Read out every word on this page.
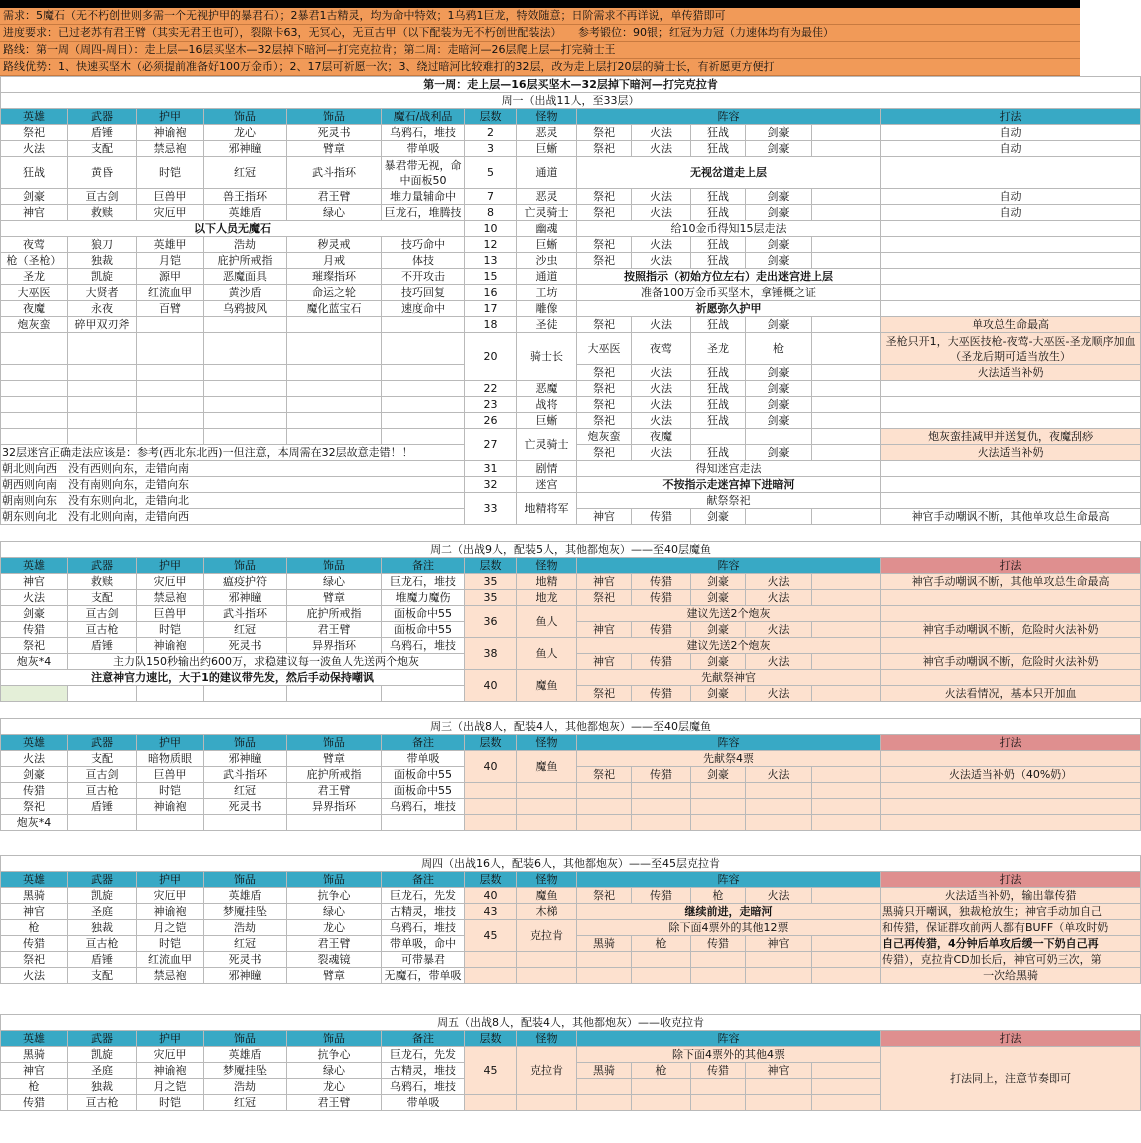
需求：5魔石（无不朽创世则多需一个无视护甲的暴君石）；2暴君1古精灵，均为命中特效；1乌鸦1巨龙，特效随意；日阶需求不再详说，单传猎即可
进度要求：已过老苏有君王臂（其实无君王也可），裂隙卡63，无冥心，无亘古甲（以下配装为无不朽创世配装法）　　参考锻位：90银；红冠为力冠（力速体均有为最佳）
路线：第一周（周四-周日）：走上层—16层买坚木—32层掉下暗河—打完克拉肯；第二周：走暗河—26层爬上层—打完骑士王
路线优势：1、快速买坚木（必须提前准备好100万金币）；2、17层可祈愿一次；3、绕过暗河比较难打的32层，改为走上层打20层的骑士长，有祈愿更方便打
第一周：走上层—16层买坚木—32层掉下暗河—打完克拉肯													
周一（出战11人，至33层）													
英雄	武器	护甲	饰品	饰品	魔石/战利品	层数	怪物	阵容					打法
祭祀	盾锤	神谕袍	龙心	死灵书	乌鸦石，堆技	2	恶灵	祭祀	火法	狂战	剑豪		自动
火法	支配	禁忌袍	邪神瞳	臂章	带单吸	3	巨蜥	祭祀	火法	狂战	剑豪		自动
狂战	黄昏	时铠	红冠	武斗指环	暴君带无视，命中面板50	5	通道	无视岔道走上层					
剑豪	亘古剑	巨兽甲	兽王指环	君王臂	堆力量辅命中	7	恶灵	祭祀	火法	狂战	剑豪		自动
神官	救赎	灾厄甲	英雄盾	绿心	巨龙石，堆腾技	8	亡灵骑士	祭祀	火法	狂战	剑豪		自动
以下人员无魔石						10	幽魂	给10金币得知15层走法					
夜莺	狼刀	英雄甲	浩劫	秽灵戒	技巧命中	12	巨蜥	祭祀	火法	狂战	剑豪		
枪（圣枪）	独裁	月铠	庇护所戒指	月戒	体技	13	沙虫	祭祀	火法	狂战	剑豪		
圣龙	凯旋	源甲	恶魔面具	璀璨指环	不开攻击	15	通道	按照指示（初始方位左右）走出迷宫进上层					
大巫医	大贤者	红流血甲	黄沙盾	命运之轮	技巧回复	16	工坊	准备100万金币买坚木，拿锤概之证					
夜魔	永夜	百臂	乌鸦披风	魔化蓝宝石	速度命中	17	雕像	祈愿弥久护甲					
炮灰蛮	碎甲双刃斧					18	圣徒	祭祀	火法	狂战	剑豪		单攻总生命最高
						20	骑士长	大巫医	夜莺	圣龙	枪		圣枪只开1，大巫医技枪-夜莺-大巫医-圣龙顺序加血（圣龙后期可适当放生）
								祭祀	火法	狂战	剑豪		火法适当补奶
						22	恶魔	祭祀	火法	狂战	剑豪		
						23	战将	祭祀	火法	狂战	剑豪		
						26	巨蜥	祭祀	火法	狂战	剑豪		
						27	亡灵骑士	炮灰蛮	夜魔				炮灰蛮挂减甲并送复仇，夜魔刮痧
32层迷宫正确走法应该是：参考(西北东北西)一但注意，本周需在32层故意走错！！								祭祀	火法	狂战	剑豪		火法适当补奶
朝北则向西　没有西则向东，走错向南						31	剧情	得知迷宫走法					
朝西则向南　没有南则向东，走错向东						32	迷宫	不按指示走迷宫掉下进暗河					
朝南则向东　没有东则向北，走错向北						33	地精将军	献祭祭祀					
朝东则向北　没有北则向南，走错向西								神官	传猎	剑豪			神官手动嘲讽不断，其他单攻总生命最高

周二（出战9人，配装5人，其他都炮灰）——至40层魔鱼													
英雄	武器	护甲	饰品	饰品	备注	层数	怪物	阵容					打法
神官	救赎	灾厄甲	瘟疫护符	绿心	巨龙石，堆技	35	地精	神官	传猎	剑豪	火法		神官手动嘲讽不断，其他单攻总生命最高
火法	支配	禁忌袍	邪神瞳	臂章	堆魔力魔伤	35	地龙	祭祀	传猎	剑豪	火法		
剑豪	亘古剑	巨兽甲	武斗指环	庇护所戒指	面板命中55	36	鱼人	建议先送2个炮灰					
传猎	亘古枪	时铠	红冠	君王臂	面板命中55			神官	传猎	剑豪	火法		神官手动嘲讽不断，危险时火法补奶
祭祀	盾锤	神谕袍	死灵书	异界指环	乌鸦石，堆技	38	鱼人	建议先送2个炮灰					
炮灰*4	主力队150秒输出约600万，求稳建议每一波鱼人先送两个炮灰							神官	传猎	剑豪	火法		神官手动嘲讽不断，危险时火法补奶
注意神官力速比，大于1的建议带先发，然后手动保持嘲讽						40	魔鱼	先献祭神官					
								祭祀	传猎	剑豪	火法		火法看情况，基本只开加血

周三（出战8人，配装4人，其他都炮灰）——至40层魔鱼													
英雄	武器	护甲	饰品	饰品	备注	层数	怪物	阵容					打法
火法	支配	暗物质眼	邪神瞳	臂章	带单吸	40	魔鱼	先献祭4票					
剑豪	亘古剑	巨兽甲	武斗指环	庇护所戒指	面板命中55			祭祀	传猎	剑豪	火法		火法适当补奶（40%奶）
传猎	亘古枪	时铠	红冠	君王臂	面板命中55								
祭祀	盾锤	神谕袍	死灵书	异界指环	乌鸦石，堆技								
炮灰*4													

周四（出战16人，配装6人，其他都炮灰）——至45层克拉肯													
英雄	武器	护甲	饰品	饰品	备注	层数	怪物	阵容					打法
黑骑	凯旋	灾厄甲	英雄盾	抗争心	巨龙石，先发	40	魔鱼	祭祀	传猎	枪	火法		火法适当补奶，输出靠传猎
神官	圣庭	神谕袍	梦魇挂坠	绿心	古精灵，堆技	43	木梯	继续前进，走暗河					黑骑只开嘲讽，独裁枪放生；神官手动加自己
枪	独裁	月之铠	浩劫	龙心	乌鸦石，堆技	45	克拉肯	除下面4票外的其他12票					和传猎，保证群攻前两人都有BUFF（单攻时奶
传猎	亘古枪	时铠	红冠	君王臂	带单吸，命中			黑骑	枪	传猎	神官		自己再传猎，4分钟后单攻后缓一下奶自己再
祭祀	盾锤	红流血甲	死灵书	裂魂镜	可带暴君								传猎），克拉肯CD加长后，神官可奶三次，第
火法	支配	禁忌袍	邪神瞳	臂章	无魔石，带单吸								一次给黑骑

周五（出战8人，配装4人，其他都炮灰）——收克拉肯													
英雄	武器	护甲	饰品	饰品	备注	层数	怪物	阵容					打法
黑骑	凯旋	灾厄甲	英雄盾	抗争心	巨龙石，先发	45	克拉肯	除下面4票外的其他4票					打法同上，注意节奏即可
神官	圣庭	神谕袍	梦魇挂坠	绿心	古精灵，堆技			黑骑	枪	传猎	神官		
枪	独裁	月之铠	浩劫	龙心	乌鸦石，堆技								
传猎	亘古枪	时铠	红冠	君王臂	带单吸								
